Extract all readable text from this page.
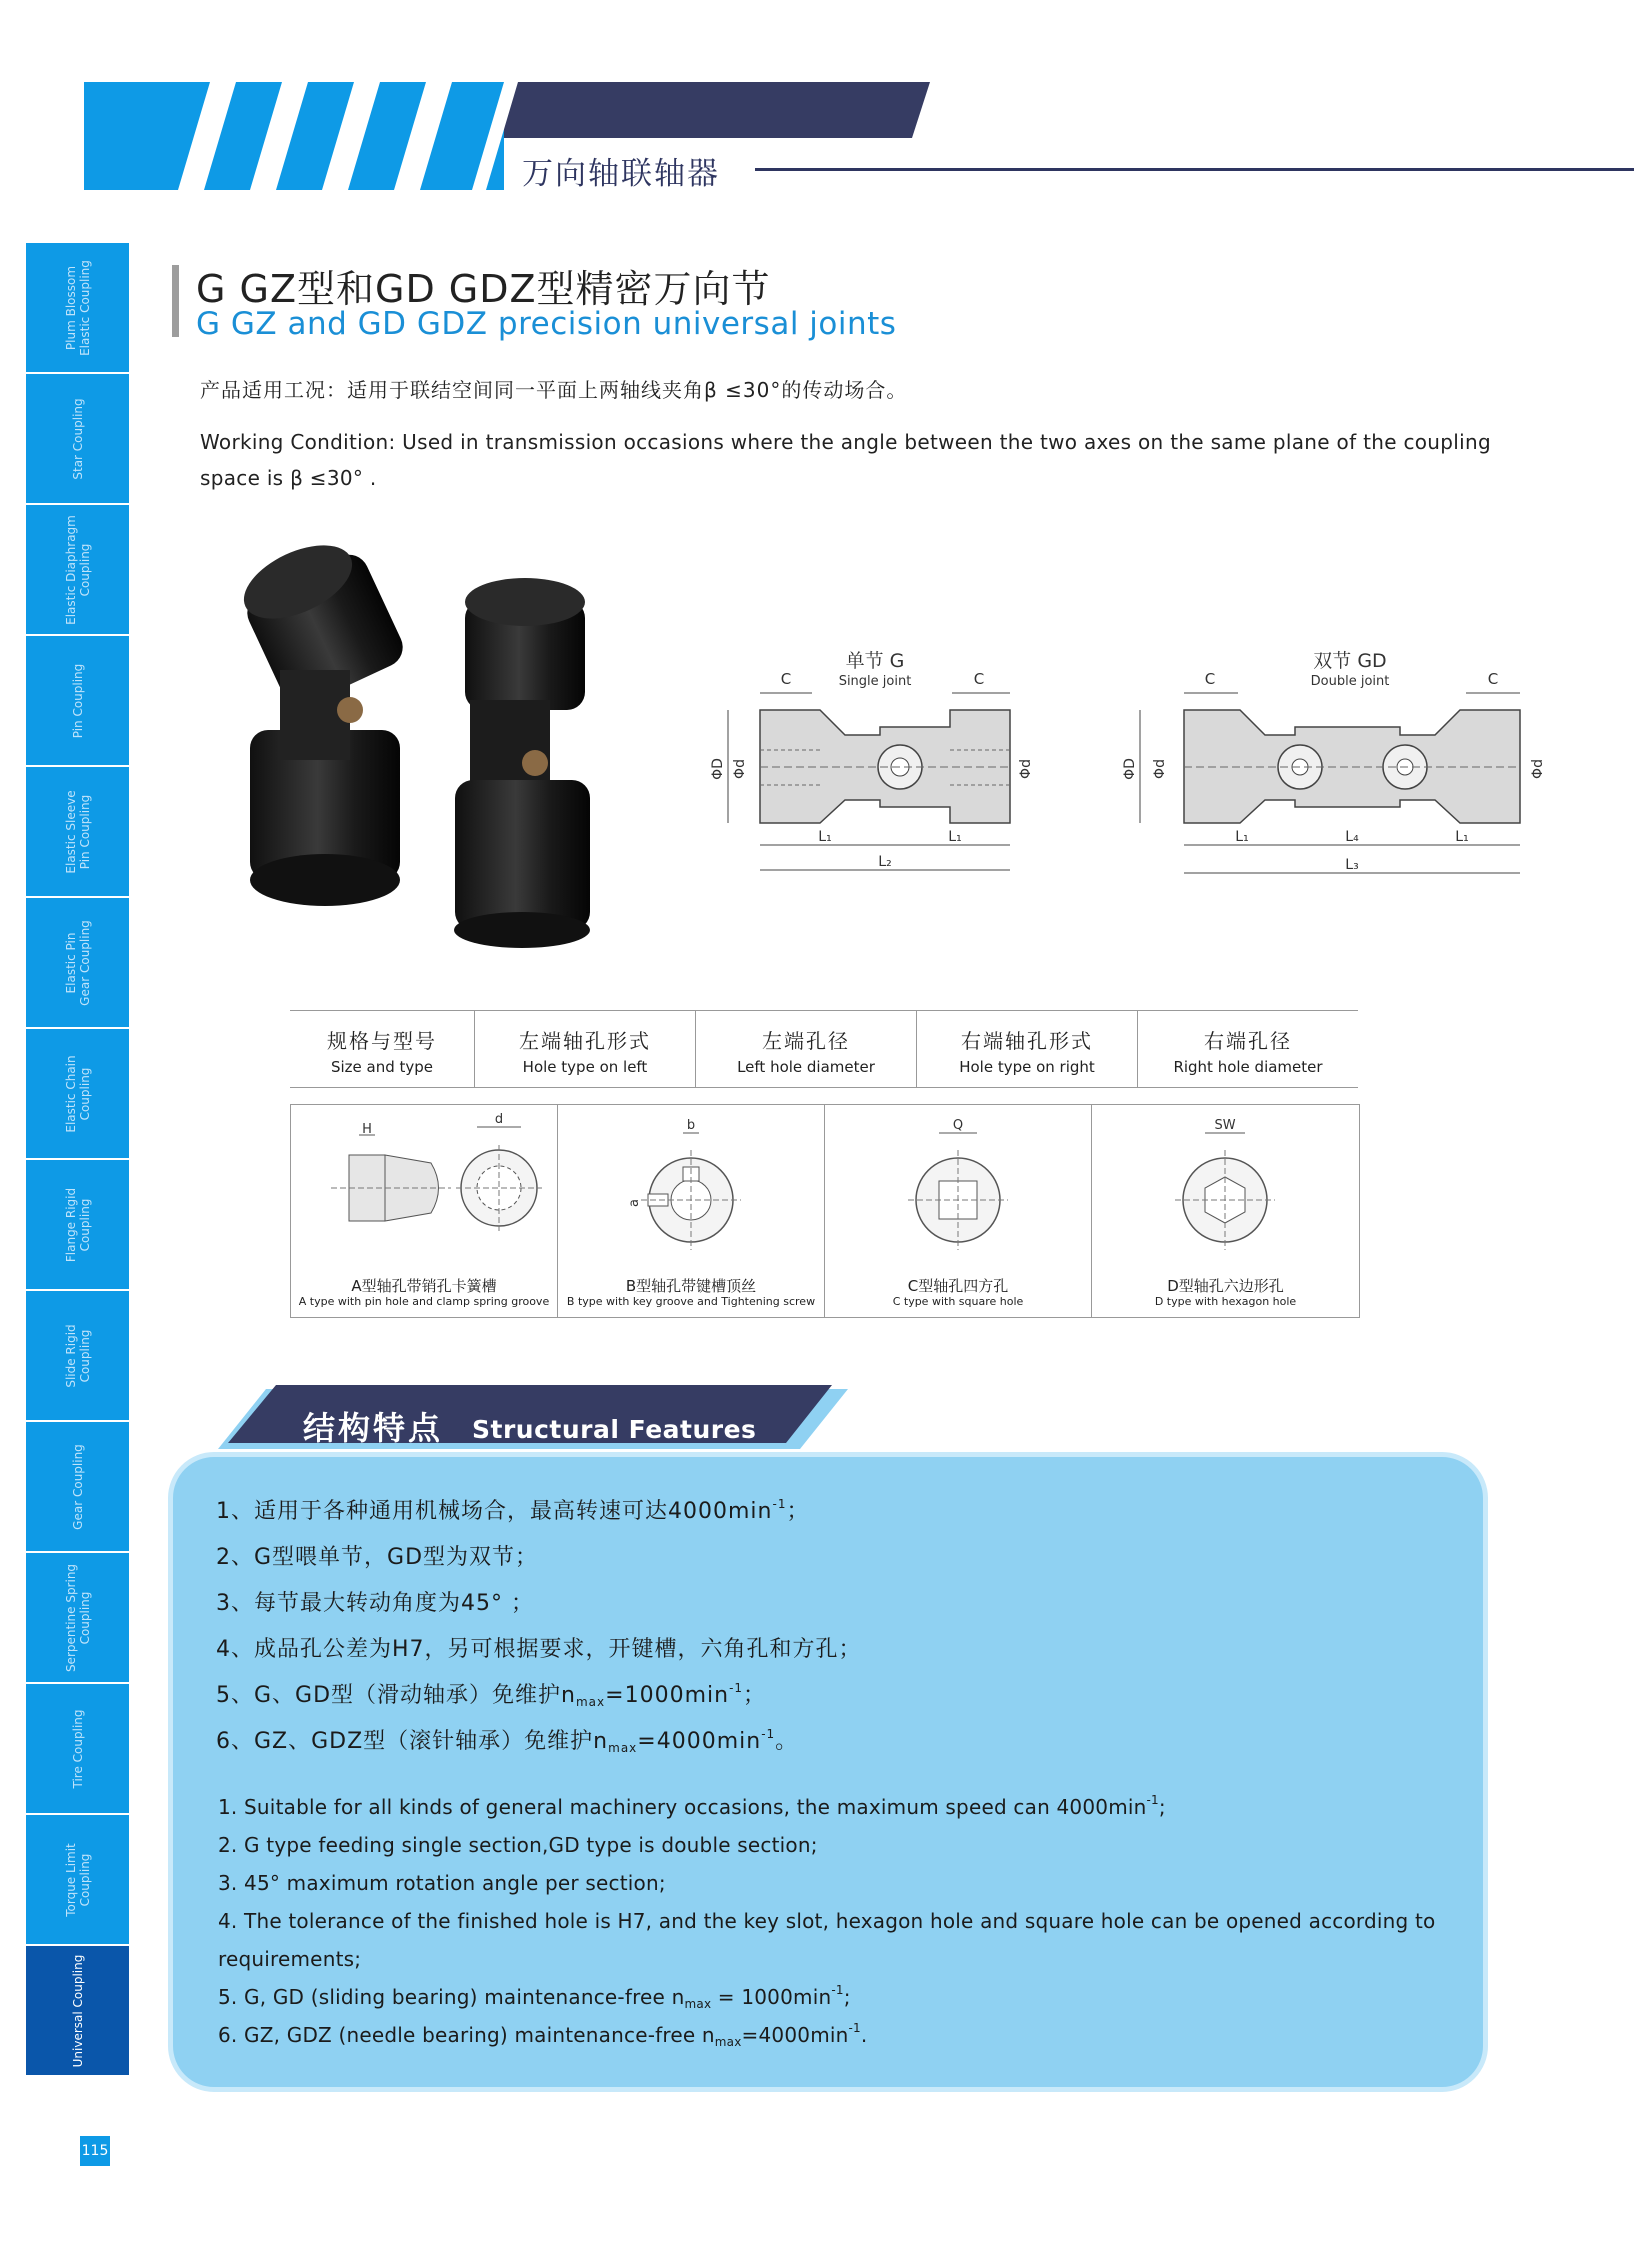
万向轴联轴器
Plum Blossom
Elastic Coupling
Star Coupling
Elastic Diaphragm
Coupling
Pin Coupling
Elastic Sleeve
Pin Coupling
Elastic Pin
Gear Coupling
Elastic Chain
Coupling
Flange Rigid
Coupling
Slide Rigid
Coupling
Gear Coupling
Serpentine Spring
Coupling
Tire Coupling
Torque Limit
Coupling
Universal Coupling
115
G GZ型和GD GDZ型精密万向节
G GZ and GD GDZ precision universal joints
产品适用工况：适用于联结空间同一平面上两轴线夹角β ≤30°的传动场合。
Working Condition: Used in transmission occasions where the angle between the two axes on the same plane of the coupling space is β ≤30° .
单节 G
Single joint
C	C
ΦD Φd	Φd
L₁	L₁
L₂
双节 GD
Double joint
C	C
ΦD Φd	Φd
L₁	L₄	L₁
L₃
规格与型号
Size and type
左端轴孔形式
Hole type on left
左端孔径
Left hole diameter
右端轴孔形式
Hole type on right
右端孔径
Right hole diameter
H
d
A型轴孔带销孔卡簧槽
A type with pin hole and clamp spring groove
b
a
B型轴孔带键槽顶丝
B type with key groove and Tightening screw
Q
C型轴孔四方孔
C type with square hole
SW
D型轴孔六边形孔
D type with hexagon hole
结构特点 Structural Features
1、适用于各种通用机械场合，最高转速可达$4000\min^{-1}$；
2、G型喂单节，GD型为双节；
3、每节最大转动角度为45° ；
4、成品孔公差为H7，另可根据要求，开键槽，六角孔和方孔；
5、G、GD型（滑动轴承）免维护$n_{max}=1000\min^{-1}$；
6、GZ、GDZ型（滚针轴承）免维护$n_{max}=4000\min^{-1}$。
1. Suitable for all kinds of general machinery occasions, the maximum speed can $4000\min^{-1}$;
2. G type feeding single section,GD type is double section;
3. 45° maximum rotation angle per section;
4. The tolerance of the finished hole is H7, and the key slot, hexagon hole and square hole can be opened according to
requirements;
5. G, GD (sliding bearing) maintenance-free $n_{max} = 1000\min^{-1}$;
6. GZ, GDZ (needle bearing) maintenance-free $n_{max}=4000\min^{-1}$.
